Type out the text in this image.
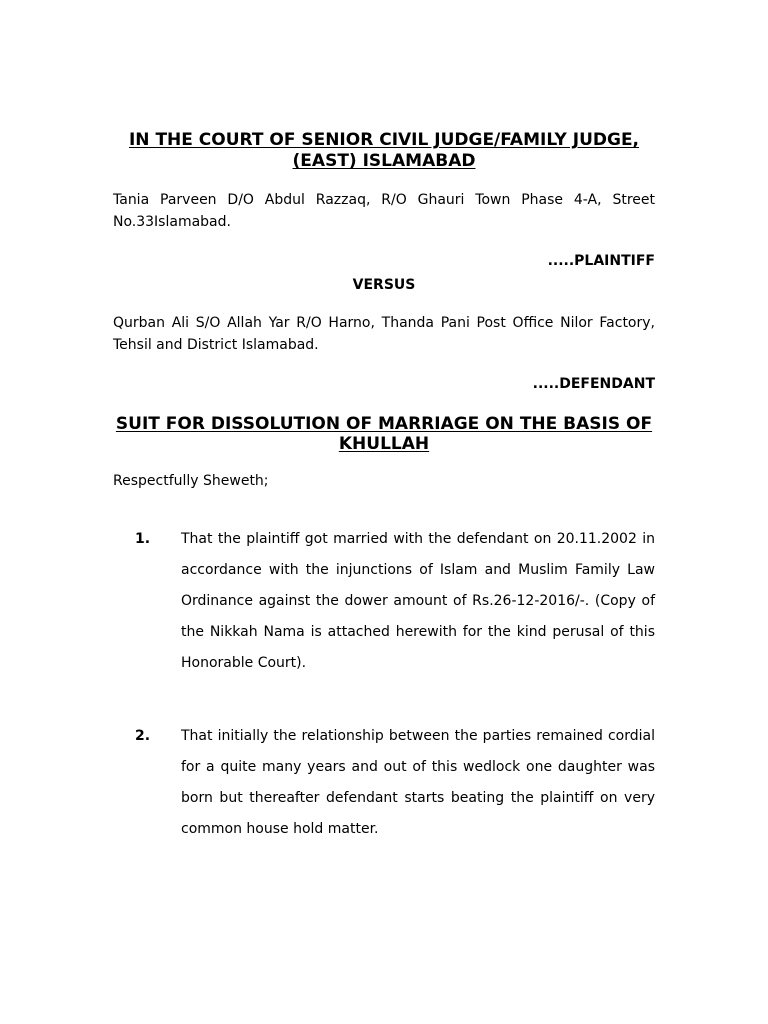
IN THE COURT OF SENIOR CIVIL JUDGE/FAMILY JUDGE, (EAST) ISLAMABAD

Tania Parveen D/O Abdul Razzaq, R/O Ghauri Town Phase 4-A, Street No.33Islamabad.

.....PLAINTIFF

VERSUS

Qurban Ali S/O Allah Yar R/O Harno, Thanda Pani Post Office Nilor Factory, Tehsil and District Islamabad.

.....DEFENDANT

SUIT FOR DISSOLUTION OF MARRIAGE ON THE BASIS OF KHULLAH

Respectfully Sheweth;

1. That the plaintiff got married with the defendant on 20.11.2002 in accordance with the injunctions of Islam and Muslim Family Law Ordinance against the dower amount of Rs.26-12-2016/-. (Copy of the Nikkah Nama is attached herewith for the kind perusal of this Honorable Court).

2. That initially the relationship between the parties remained cordial for a quite many years and out of this wedlock one daughter was born but thereafter defendant starts beating the plaintiff on very common house hold matter.
